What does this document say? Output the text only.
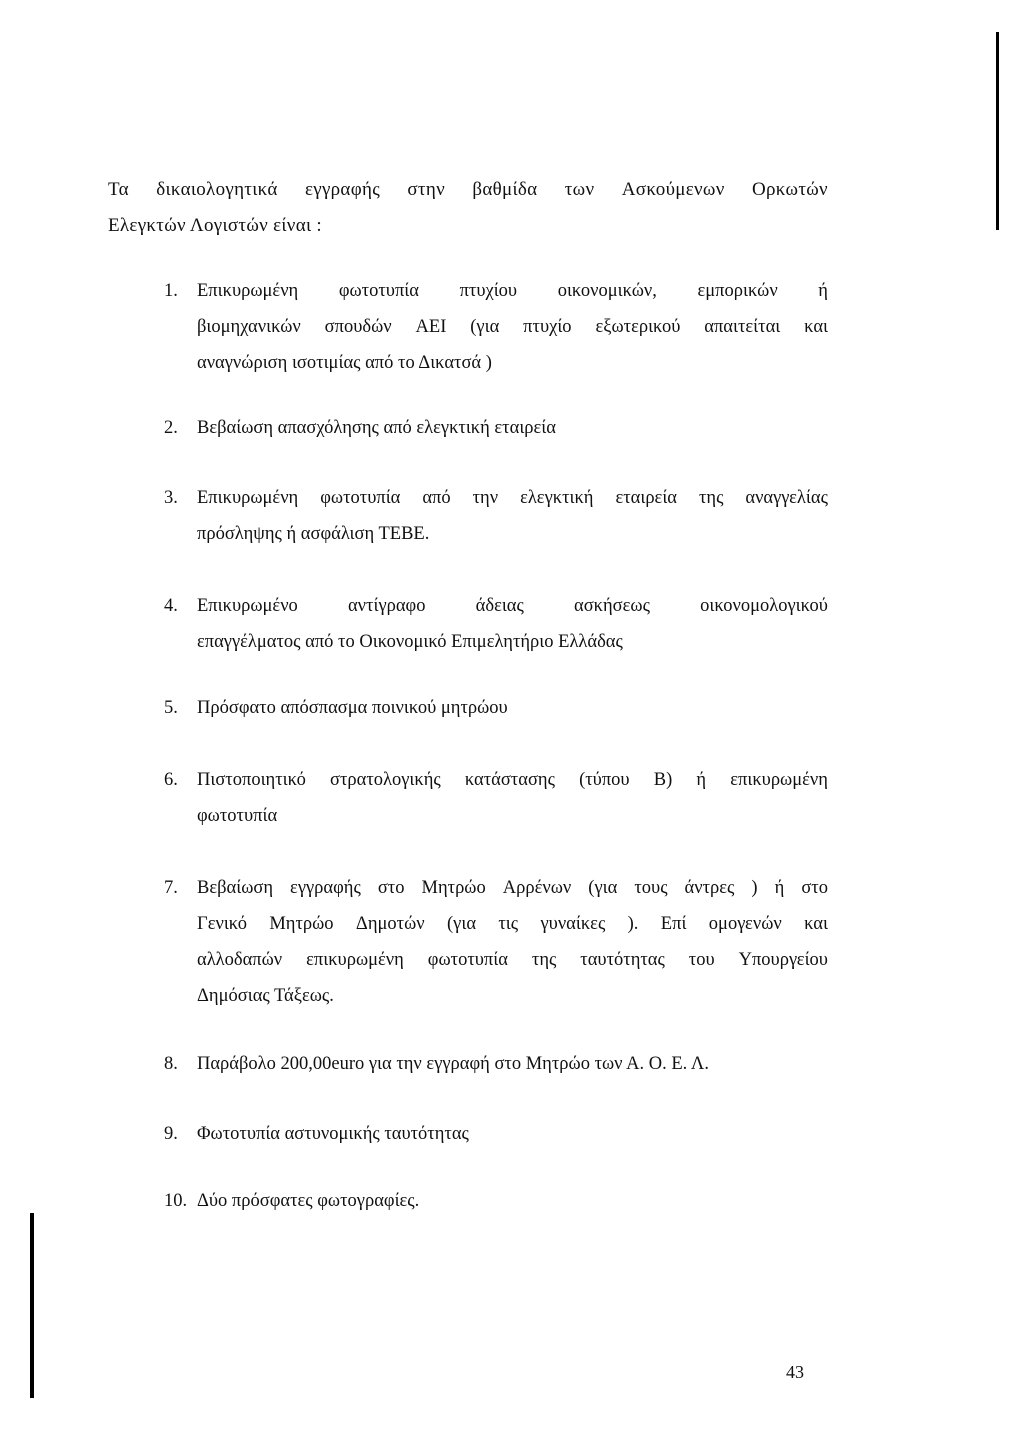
Τα δικαιολογητικά εγγραφής στην βαθμίδα των Ασκούμενων Ορκωτών
Ελεγκτών Λογιστών είναι :
1. Επικυρωμένη φωτοτυπία πτυχίου οικονομικών, εμπορικών ή
βιομηχανικών σπουδών ΑΕΙ (για πτυχίο εξωτερικού απαιτείται και
αναγνώριση ισοτιμίας από το Δικατσά )
2. Βεβαίωση απασχόλησης από ελεγκτική εταιρεία
3. Επικυρωμένη φωτοτυπία από την ελεγκτική εταιρεία της αναγγελίας
πρόσληψης ή ασφάλιση ΤΕΒΕ.
4. Επικυρωμένο	αντίγραφο	άδειας	ασκήσεως	οικονομολογικού
επαγγέλματος από το Οικονομικό Επιμελητήριο Ελλάδας
5. Πρόσφατο απόσπασμα ποινικού μητρώου
6. Πιστοποιητικό στρατολογικής κατάστασης (τύπου Β) ή επικυρωμένη
φωτοτυπία
7. Βεβαίωση εγγραφής στο Μητρώο Αρρένων (για τους άντρες ) ή στο
Γενικό Μητρώο Δημοτών (για τις γυναίκες ). Επί ομογενών και
αλλοδαπών επικυρωμένη φωτοτυπία της ταυτότητας του Υπουργείου
Δημόσιας Τάξεως.
8. Παράβολο 200,00euro για την εγγραφή στο Μητρώο των Α. Ο. Ε. Λ.
9. Φωτοτυπία αστυνομικής ταυτότητας
10. Δύο πρόσφατες φωτογραφίες.
43
